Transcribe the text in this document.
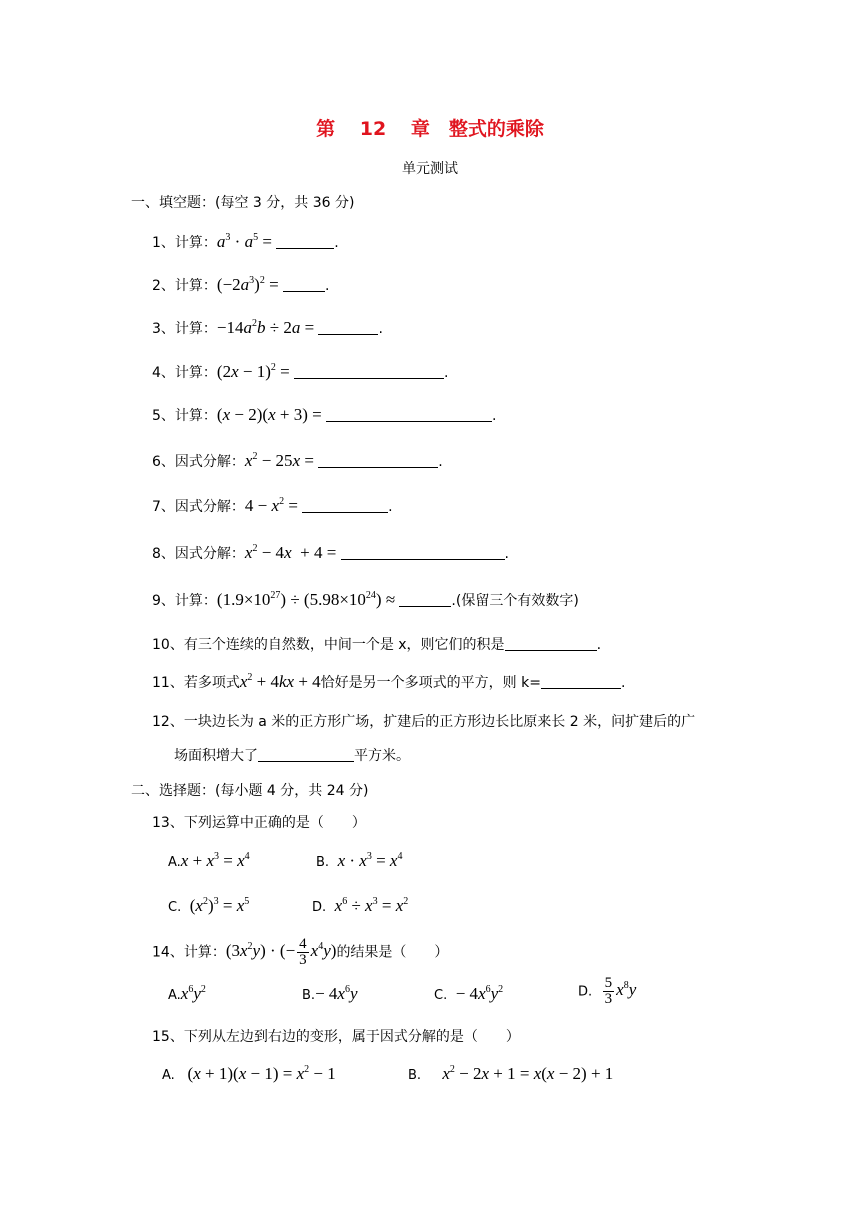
第 12 章　整式的乘除
单元测试
一、填空题：(每空 3 分，共 36 分)
1、计算：$a^3 \cdot a^5$ =	.
2、计算：$(-2a^3)^2$ =	.
3、计算：$-14a^2b \div 2a$ =	.
4、计算：$(2x - 1)^2$ =	.
5、计算：(x − 2)(x + 3) =	.
6、因式分解：$x^2 - 25x$ =	.
7、因式分解：$4 - x^2$ =	.
8、因式分解：$x^2 - 4x + 4$ =	.
9、计算：$(1.9\times 10^{27}) \div (5.98\times 10^{24})$ ≈	.(保留三个有效数字)
10、有三个连续的自然数，中间一个是 x，则它们的积是	.
11、若多项式$x^2 + 4kx + 4$恰好是另一个多项式的平方，则 k=	.
12、一块边长为 a 米的正方形广场，扩建后的正方形边长比原来长 2 米，问扩建后的广
场面积增大了	平方米。
二、选择题：(每小题 4 分，共 24 分)
13、下列运算中正确的是（　　）
$A.x + x^3 = x^4$	B. $x \cdot x^3 = x^4$
C.  $(x^2)^3 = x^5$	D. $x^6 \div x^3 = x^2$
14、计算：$(3x^2y)$ · (− $\frac{4}{3} x^4y$)的结果是（　　）
$A.x^6y^2$	$B.- 4x^6y$	C.  − $4x^6y^2$	D. $\frac{5}{3} x^8y$
15、下列从左边到右边的变形，属于因式分解的是（　　）
A.   $(x + 1)(x - 1) = x^2 - 1$	B. $x^2 - 2x + 1 = x(x - 2) + 1$
